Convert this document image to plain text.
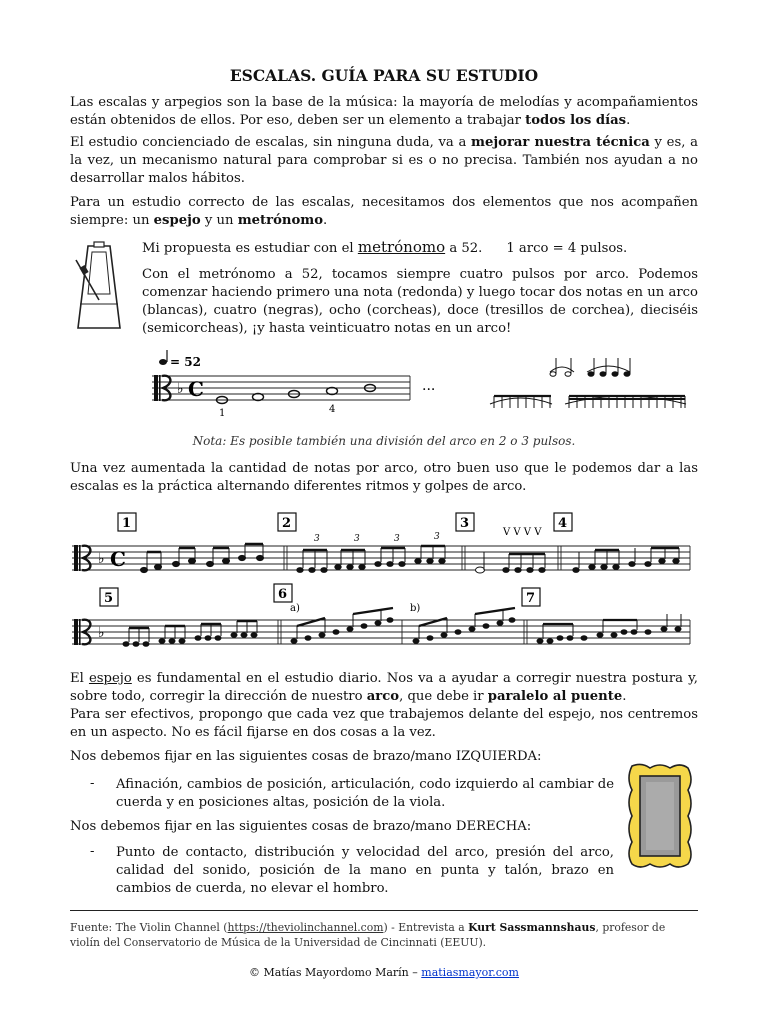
ESCALAS. GUÍA PARA SU ESTUDIO
Las escalas y arpegios son la base de la música: la mayoría de melodías y acompañamientos están obtenidos de ellos. Por eso, deben ser un elemento a trabajar todos los días.
El estudio concienciado de escalas, sin ninguna duda, va a mejorar nuestra técnica y es, a la vez, un mecanismo natural para comprobar si es o no precisa. También nos ayudan a no desarrollar malos hábitos.
Para un estudio correcto de las escalas, necesitamos dos elementos que nos acompañen siempre: un espejo y un metrónomo.
Mi propuesta es estudiar con el metrónomo a 52. 1 arco = 4 pulsos.
Con el metrónomo a 52, tocamos siempre cuatro pulsos por arco. Podemos comenzar haciendo primero una nota (redonda) y luego tocar dos notas en un arco (blancas), cuatro (negras), ocho (corcheas), doce (tresillos de corchea), dieciséis (semicorcheas), ¡y hasta veinticuatro notas en un arco!
= 52
♭ C
1	4
...
Nota: Es posible también una división del arco en 2 o 3 pulsos.
Una vez aumentada la cantidad de notas por arco, otro buen uso que le podemos dar a las escalas es la práctica alternando diferentes ritmos y golpes de arco.
1	2	3	4
5	6	7
3	3	3	3	V V V V
a)	b)
♭ C
♭
El espejo es fundamental en el estudio diario. Nos va a ayudar a corregir nuestra postura y, sobre todo, corregir la dirección de nuestro arco, que debe ir paralelo al puente.
Para ser efectivos, propongo que cada vez que trabajemos delante del espejo, nos centremos en un aspecto. No es fácil fijarse en dos cosas a la vez.
Nos debemos fijar en las siguientes cosas de brazo/mano IZQUIERDA:
- Afinación, cambios de posición, articulación, codo izquierdo al cambiar de cuerda y en posiciones altas, posición de la viola.
Nos debemos fijar en las siguientes cosas de brazo/mano DERECHA:
- Punto de contacto, distribución y velocidad del arco, presión del arco, calidad del sonido, posición de la mano en punta y talón, brazo en cambios de cuerda, no elevar el hombro.
Fuente: The Violin Channel (https://theviolinchannel.com) - Entrevista a Kurt Sassmannshaus, profesor de violín del Conservatorio de Música de la Universidad de Cincinnati (EEUU).
© Matías Mayordomo Marín – matiasmayor.com
